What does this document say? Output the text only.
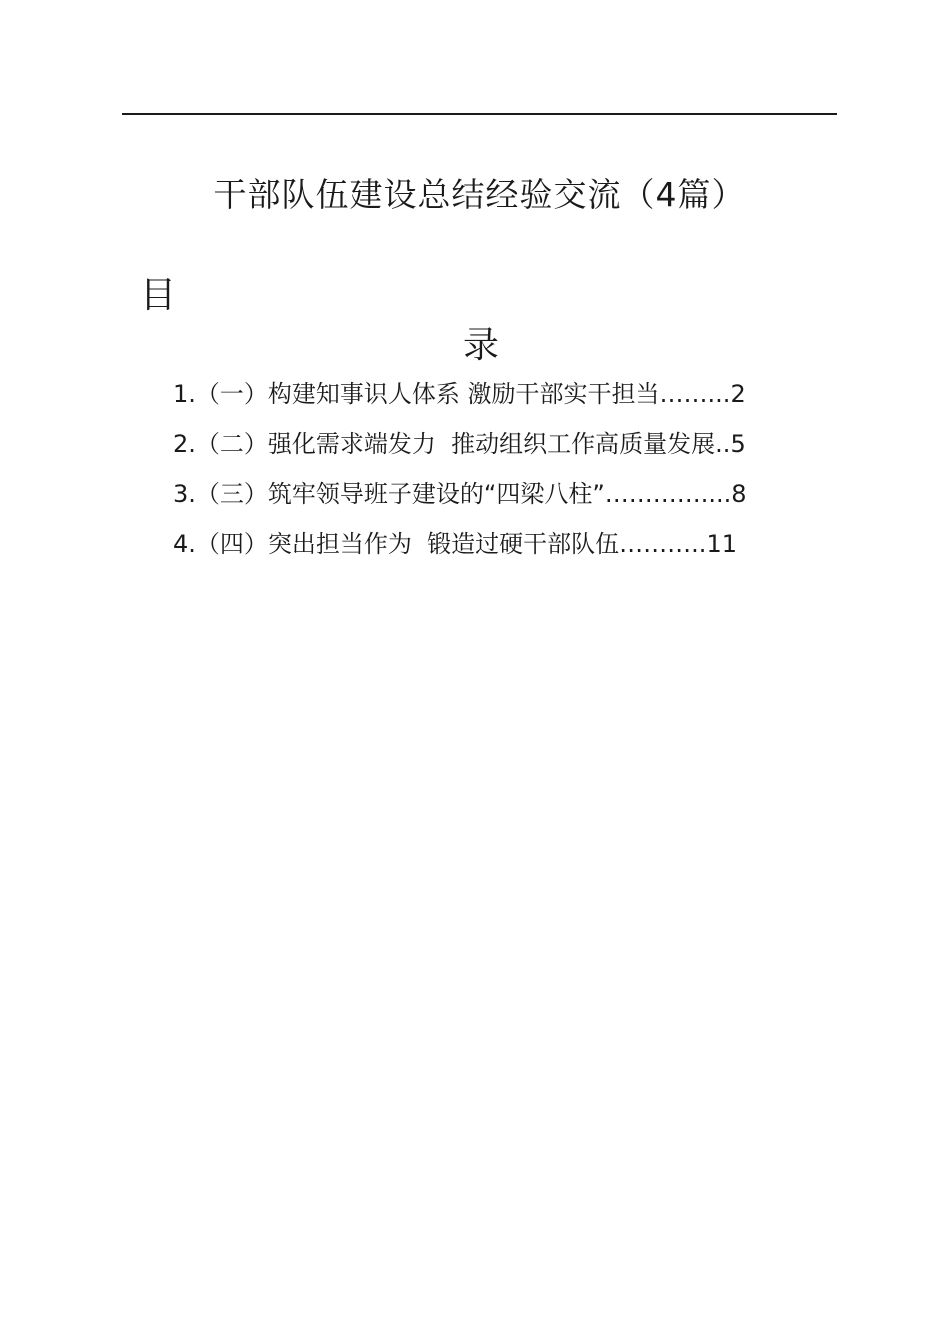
干部队伍建设总结经验交流（4篇）
目
录
1.（一）构建知事识人体系 激励干部实干担当……...2
2.（二）强化需求端发力  推动组织工作高质量发展..5
3.（三）筑牢领导班子建设的“四梁八柱”…………....8
4.（四）突出担当作为  锻造过硬干部队伍………..11
